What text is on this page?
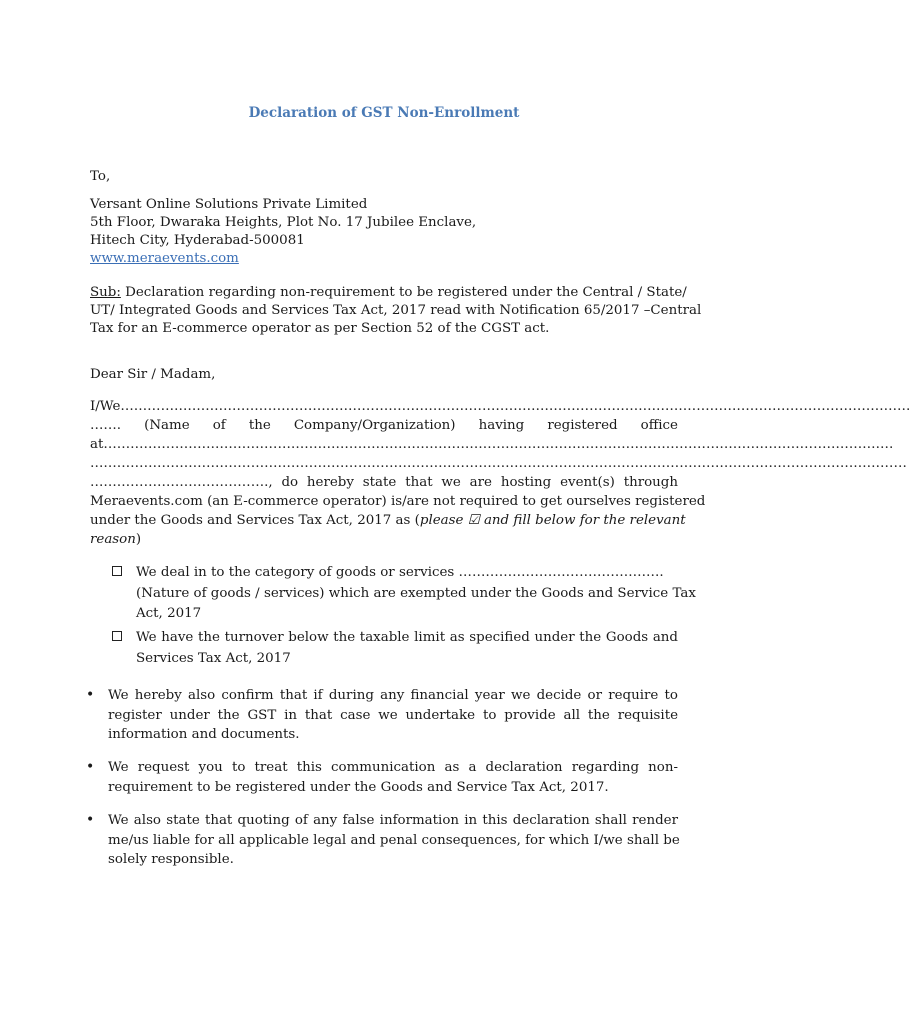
Declaration of GST Non-Enrollment
To,
Versant Online Solutions Private Limited
5th Floor, Dwaraka Heights, Plot No. 17 Jubilee Enclave,
Hitech City, Hyderabad-500081
www.meraevents.com
Sub: Declaration regarding non-requirement to be registered under the Central / State/
UT/ Integrated Goods and Services Tax Act, 2017 read with Notification 65/2017 –Central
Tax for an E-commerce operator as per Section 52 of the CGST act.
Dear Sir / Madam,
I/We……………………………………………………………………………………………………………………………………………………………
……. (Name of the Company/Organization) having registered office
at……………………………………………………………………………………………………………………………………………………………
…………………………………………………………………………………………………………………………………………………………………
…………………………………., do hereby state that we are hosting event(s) through
Meraevents.com (an E-commerce operator) is/are not required to get ourselves registered
under the Goods and Services Tax Act, 2017 as (please ☑ and fill below for the relevant
reason)
We deal in to the category of goods or services ……………………………………….
(Nature of goods / services) which are exempted under the Goods and Service Tax
Act, 2017
We have the turnover below the taxable limit as specified under the Goods and
Services Tax Act, 2017
• We hereby also confirm that if during any financial year we decide or require to
register under the GST in that case we undertake to provide all the requisite
information and documents.
• We request you to treat this communication as a declaration regarding non-
requirement to be registered under the Goods and Service Tax Act, 2017.
• We also state that quoting of any false information in this declaration shall render
me/us liable for all applicable legal and penal consequences, for which I/we shall be
solely responsible.
